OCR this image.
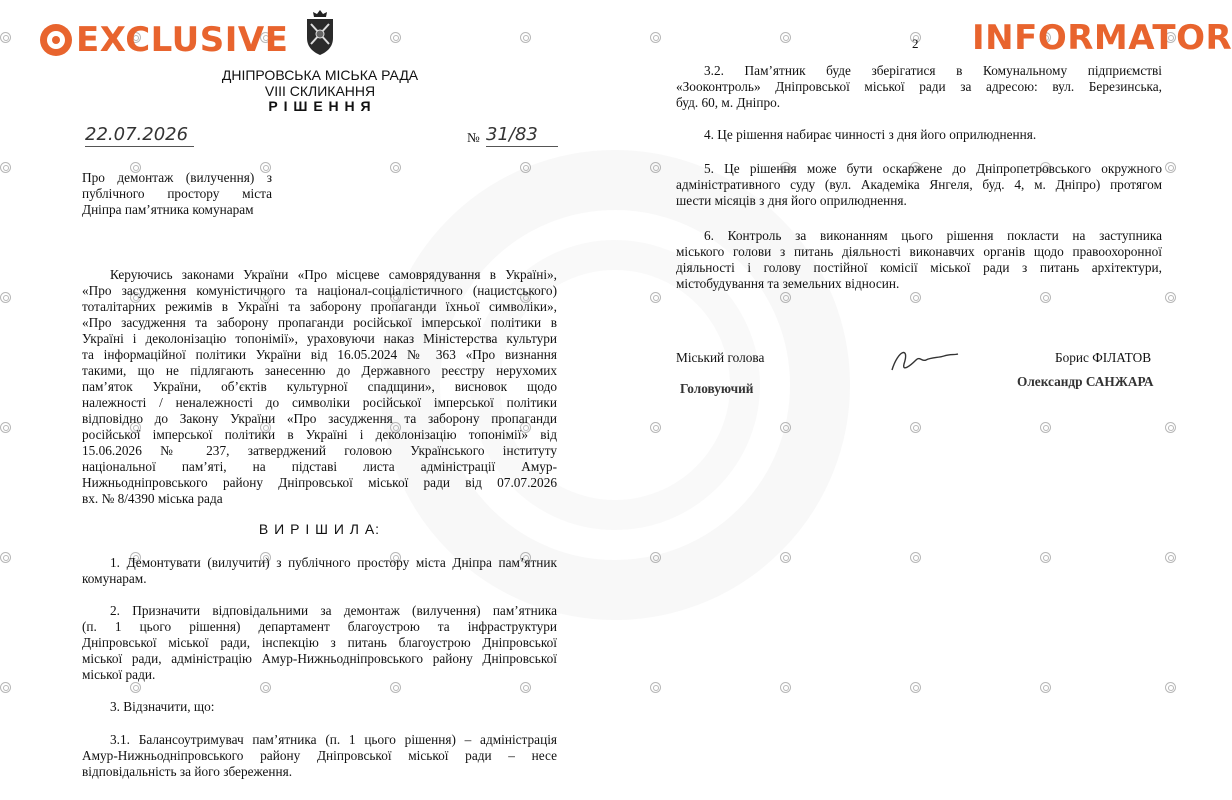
EXCLUSIVE	INFORMATOR
2
ДНІПРОВСЬКА МІСЬКА РАДА
VIII СКЛИКАННЯ
Р І Ш Е Н Н Я
22.07.2026	№ 31/83
Про демонтаж (вилучення) з
публічного простору міста
Дніпра пам’ятника комунарам
Керуючись законами України «Про місцеве самоврядування в Україні»,
«Про засудження комуністичного та націонал-соціалістичного (нацистського)
тоталітарних режимів в Україні та заборону пропаганди їхньої символіки»,
«Про засудження та заборону пропаганди російської імперської політики в
Україні і деколонізацію топонімії», ураховуючи наказ Міністерства культури
та інформаційної політики України від 16.05.2024 № 363 «Про визнання
такими, що не підлягають занесенню до Державного реєстру нерухомих
пам’яток України, об’єктів культурної спадщини», висновок щодо
належності / неналежності до символіки російської імперської політики
відповідно до Закону України «Про засудження та заборону пропаганди
російської імперської політики в Україні і деколонізацію топонімії» від
15.06.2026 № 237, затверджений головою Українського інституту
національної пам’яті, на підставі листа адміністрації Амур-
Нижньодніпровського району Дніпровської міської ради від 07.07.2026
вх. № 8/4390 міська рада
В И Р І Ш И Л А:
1. Демонтувати (вилучити) з публічного простору міста Дніпра пам’ятник
комунарам.
2. Призначити відповідальними за демонтаж (вилучення) пам’ятника
(п. 1 цього рішення) департамент благоустрою та інфраструктури
Дніпровської міської ради, інспекцію з питань благоустрою Дніпровської
міської ради, адміністрацію Амур-Нижньодніпровського району Дніпровської
міської ради.
3. Відзначити, що:
3.1. Балансоутримувач пам’ятника (п. 1 цього рішення) – адміністрація
Амур-Нижньодніпровського району Дніпровської міської ради – несе
відповідальність за його збереження.
3.2. Пам’ятник буде зберігатися в Комунальному підприємстві
«Зооконтроль» Дніпровської міської ради за адресою: вул. Березинська,
буд. 60, м. Дніпро.
4. Це рішення набирає чинності з дня його оприлюднення.
5. Це рішення може бути оскаржене до Дніпропетровського окружного
адміністративного суду (вул. Академіка Янгеля, буд. 4, м. Дніпро) протягом
шести місяців з дня його оприлюднення.
6. Контроль за виконанням цього рішення покласти на заступника
міського голови з питань діяльності виконавчих органів щодо правоохоронної
діяльності і голову постійної комісії міської ради з питань архітектури,
містобудування та земельних відносин.
Міський голова	Борис ФІЛАТОВ
Головуючий	Олександр САНЖАРА
